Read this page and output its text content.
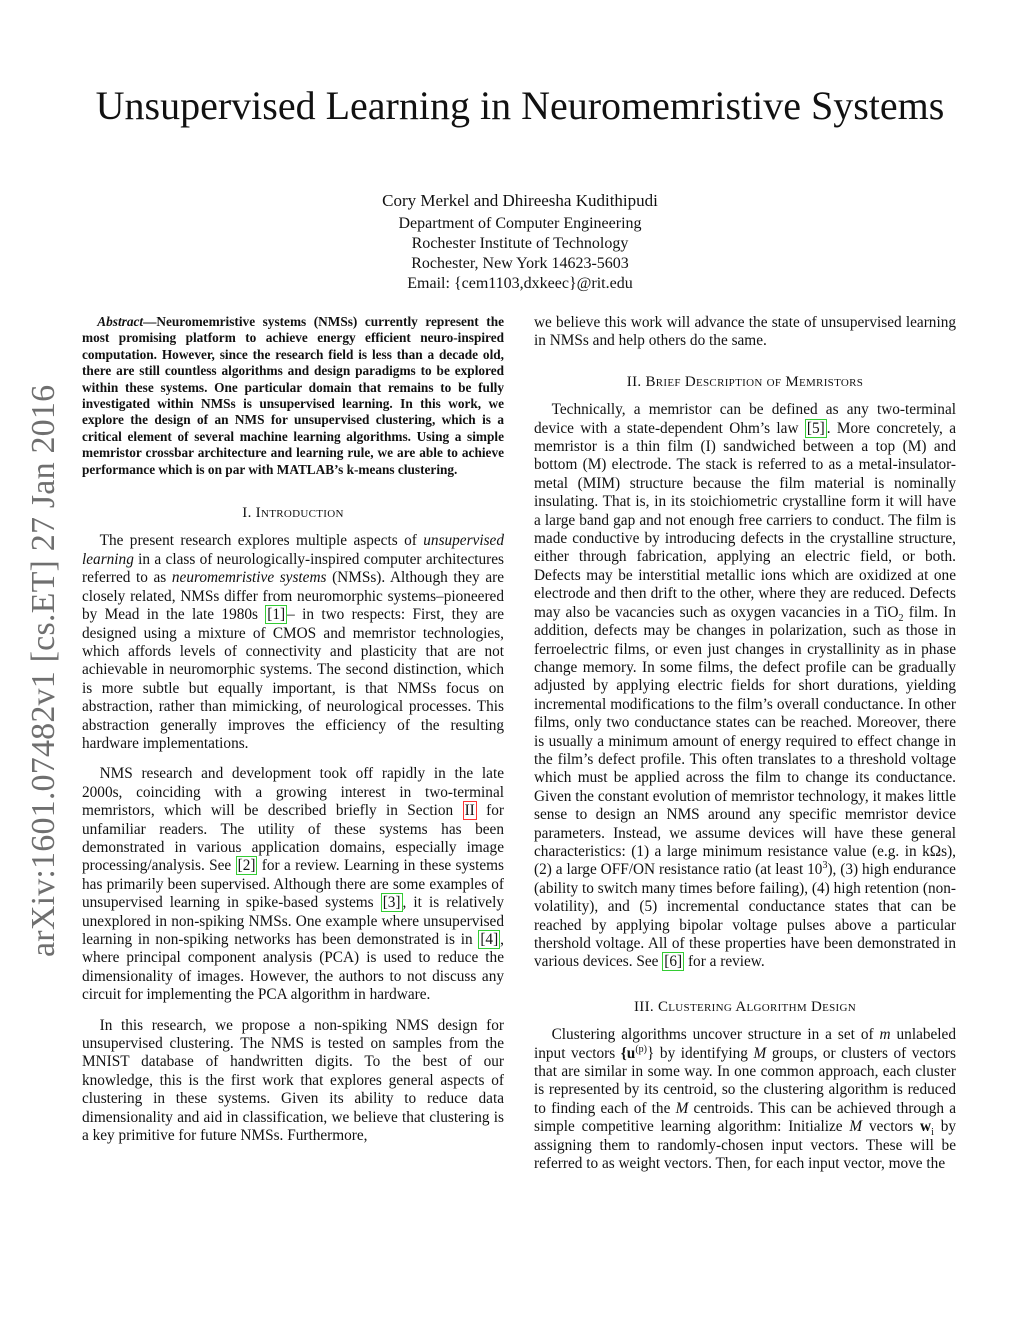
arXiv:1601.07482v1 [cs.ET] 27 Jan 2016
Unsupervised Learning in Neuromemristive Systems
Cory Merkel and Dhireesha Kudithipudi
Department of Computer Engineering
Rochester Institute of Technology
Rochester, New York 14623-5603
Email: {cem1103,dxkeec}@rit.edu

Abstract—Neuromemristive systems (NMSs) currently represent the most promising platform to achieve energy efficient neuro-inspired computation. However, since the research field is less than a decade old, there are still countless algorithms and design paradigms to be explored within these systems. One particular domain that remains to be fully investigated within NMSs is unsupervised learning. In this work, we explore the design of an NMS for unsupervised clustering, which is a critical element of several machine learning algorithms. Using a simple memristor crossbar architecture and learning rule, we are able to achieve performance which is on par with MATLAB’s k-means clustering.

I. Introduction

The present research explores multiple aspects of unsupervised learning in a class of neurologically-inspired computer architectures referred to as neuromemristive systems (NMSs). Although they are closely related, NMSs differ from neuromorphic systems–pioneered by Mead in the late 1980s [1] – in two respects: First, they are designed using a mixture of CMOS and memristor technologies, which affords levels of connectivity and plasticity that are not achievable in neuromorphic systems. The second distinction, which is more subtle but equally important, is that NMSs focus on abstraction, rather than mimicking, of neurological processes. This abstraction generally improves the efficiency of the resulting hardware implementations.

NMS research and development took off rapidly in the late 2000s, coinciding with a growing interest in two-terminal memristors, which will be described briefly in Section II for unfamiliar readers. The utility of these systems has been demonstrated in various application domains, especially image processing/analysis. See [2] for a review. Learning in these systems has primarily been supervised. Although there are some examples of unsupervised learning in spike-based systems [3] , it is relatively unexplored in non-spiking NMSs. One example where unsupervised learning in non-spiking networks has been demonstrated is in [4] , where principal component analysis (PCA) is used to reduce the dimensionality of images. However, the authors to not discuss any circuit for implementing the PCA algorithm in hardware.

In this research, we propose a non-spiking NMS design for unsupervised clustering. The NMS is tested on samples from the MNIST database of handwritten digits. To the best of our knowledge, this is the first work that explores general aspects of clustering in these systems. Given its ability to reduce data dimensionality and aid in classification, we believe that clustering is a key primitive for future NMSs. Furthermore,

we believe this work will advance the state of unsupervised learning in NMSs and help others do the same.

II. Brief Description of Memristors

Technically, a memristor can be defined as any two-terminal device with a state-dependent Ohm’s law [5] . More concretely, a memristor is a thin film (I) sandwiched between a top (M) and bottom (M) electrode. The stack is referred to as a metal-insulator-metal (MIM) structure because the film material is nominally insulating. That is, in its stoichiometric crystalline form it will have a large band gap and not enough free carriers to conduct. The film is made conductive by introducing defects in the crystalline structure, either through fabrication, applying an electric field, or both. Defects may be interstitial metallic ions which are oxidized at one electrode and then drift to the other, where they are reduced. Defects may also be vacancies such as oxygen vacancies in a TiO$_2$ film. In addition, defects may be changes in polarization, such as those in ferroelectric films, or even just changes in crystallinity as in phase change memory. In some films, the defect profile can be gradually adjusted by applying electric fields for short durations, yielding incremental modifications to the film’s overall conductance. In other films, only two conductance states can be reached. Moreover, there is usually a minimum amount of energy required to effect change in the film’s defect profile. This often translates to a threshold voltage which must be applied across the film to change its conductance. Given the constant evolution of memristor technology, it makes little sense to design an NMS around any specific memristor device parameters. Instead, we assume devices will have these general characteristics: (1) a large minimum resistance value (e.g. in kΩs), (2) a large OFF/ON resistance ratio (at least $10^3$), (3) high endurance (ability to switch many times before failing), (4) high retention (non-volatility), and (5) incremental conductance states that can be reached by applying bipolar voltage pulses above a particular thershold voltage. All of these properties have been demonstrated in various devices. See [6] for a review.

III. Clustering Algorithm Design

Clustering algorithms uncover structure in a set of m unlabeled input vectors $\{u^{(p)}\}$ by identifying M groups, or clusters of vectors that are similar in some way. In one common approach, each cluster is represented by its centroid, so the clustering algorithm is reduced to finding each of the M centroids. This can be achieved through a simple competitive learning algorithm: Initialize M vectors $w_i$ by assigning them to randomly-chosen input vectors. These will be referred to as weight vectors. Then, for each input vector, move the
